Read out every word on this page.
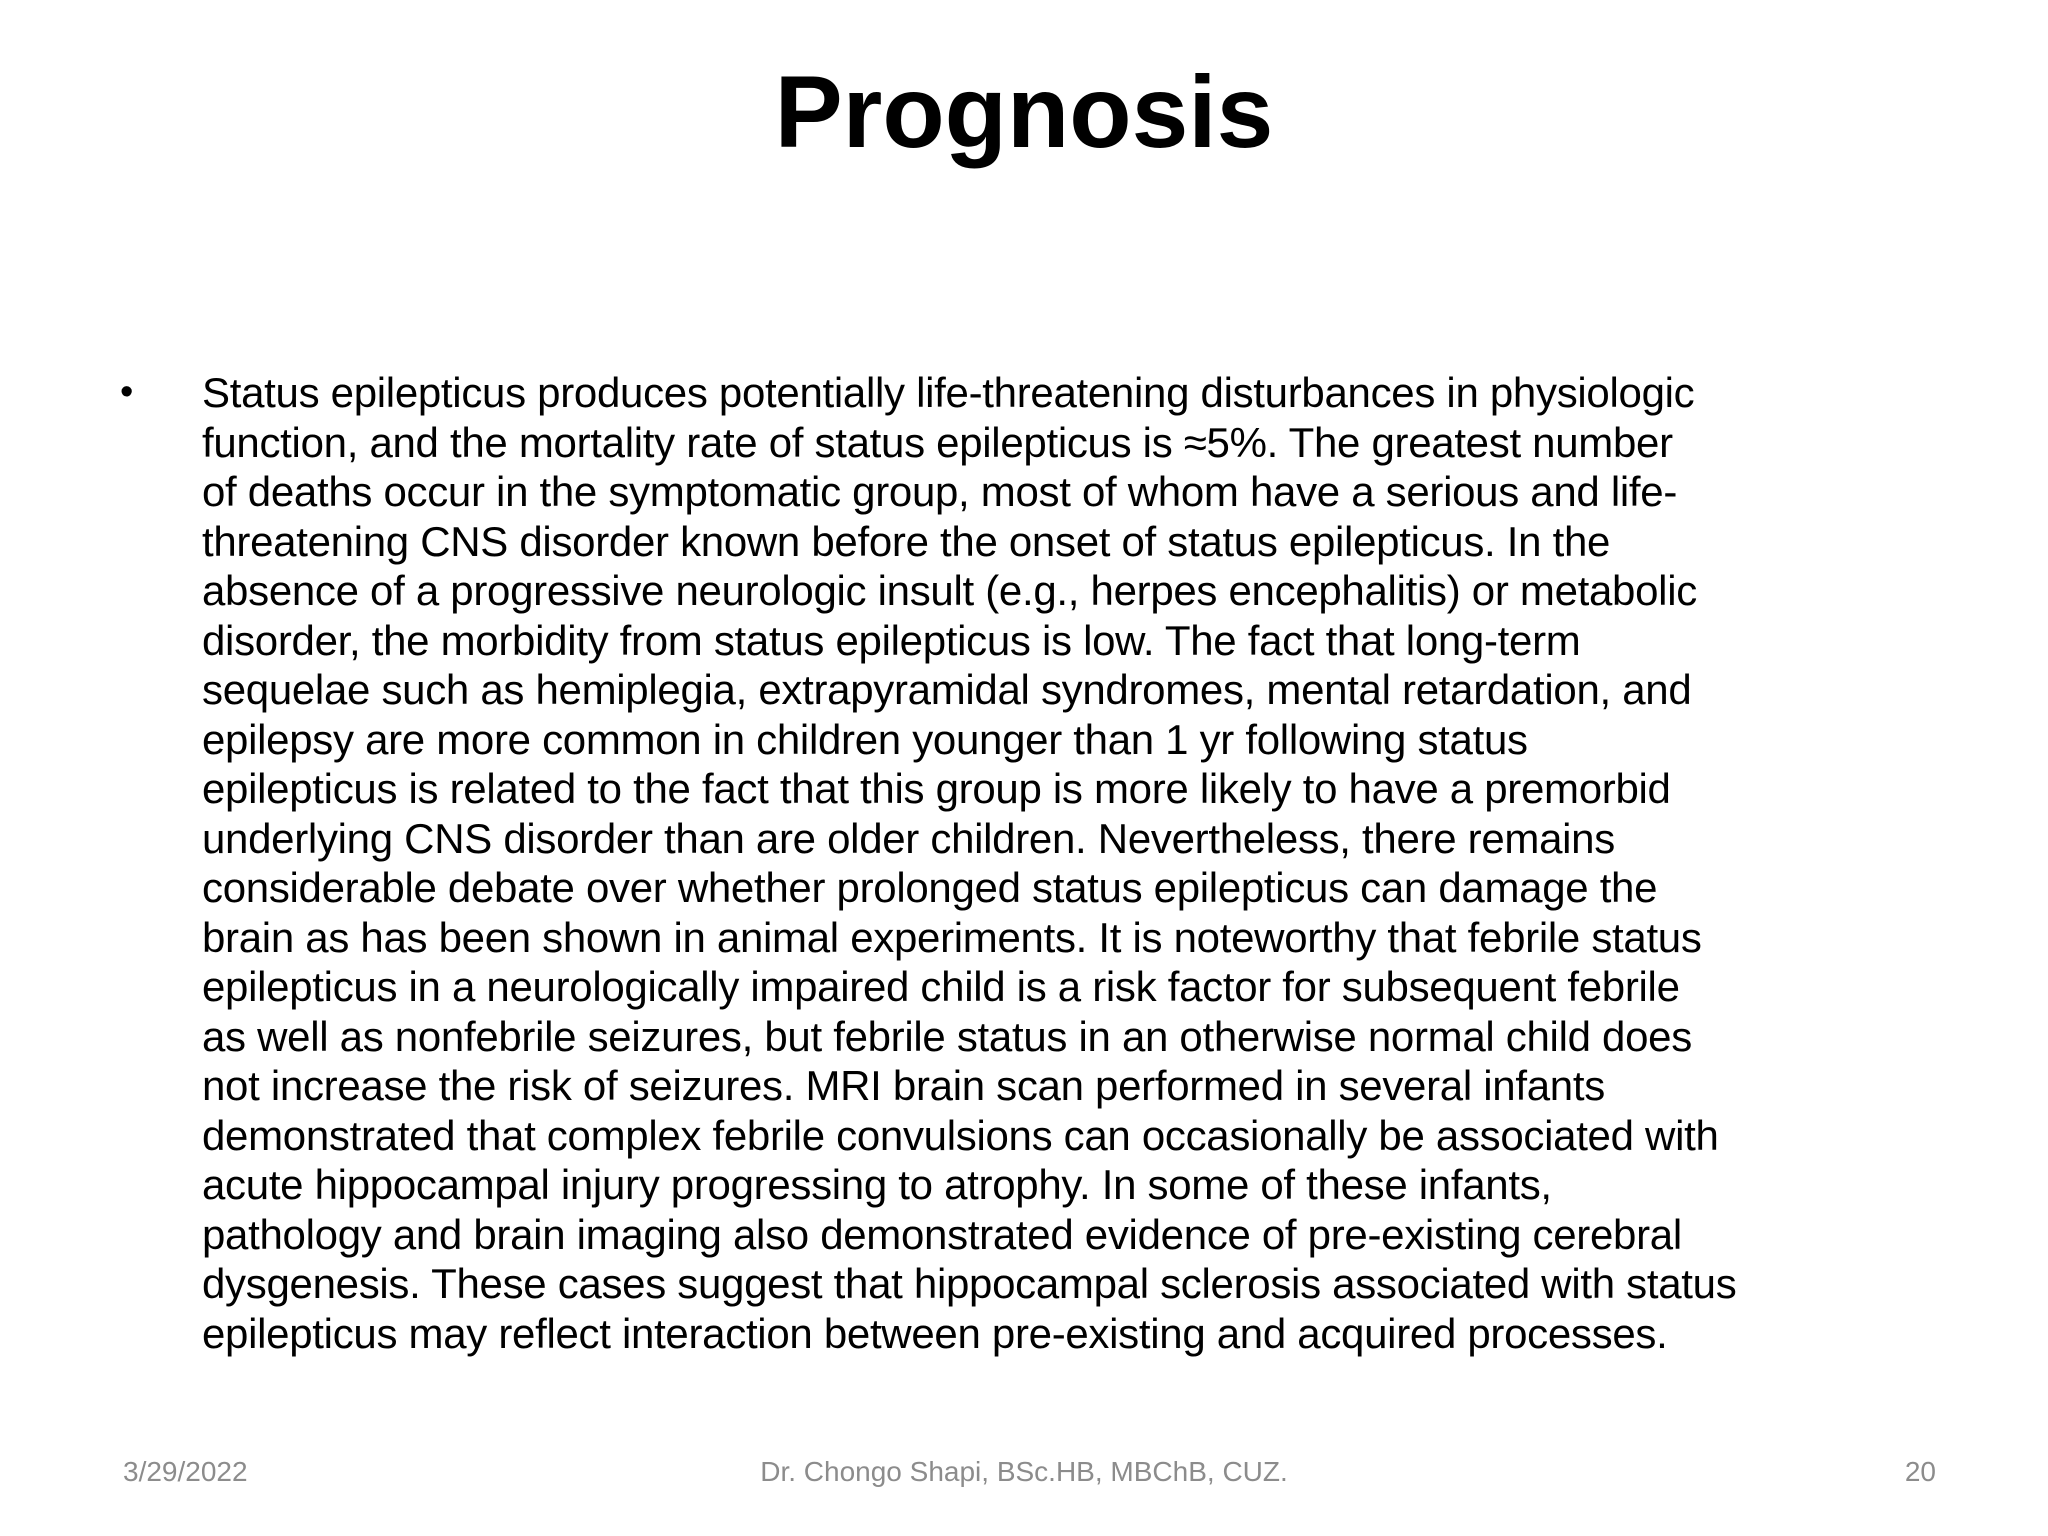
Prognosis
•	Status epilepticus produces potentially life-threatening disturbances in physiologic
function, and the mortality rate of status epilepticus is ≈5%. The greatest number
of deaths occur in the symptomatic group, most of whom have a serious and life-
threatening CNS disorder known before the onset of status epilepticus. In the
absence of a progressive neurologic insult (e.g., herpes encephalitis) or metabolic
disorder, the morbidity from status epilepticus is low. The fact that long-term
sequelae such as hemiplegia, extrapyramidal syndromes, mental retardation, and
epilepsy are more common in children younger than 1 yr following status
epilepticus is related to the fact that this group is more likely to have a premorbid
underlying CNS disorder than are older children. Nevertheless, there remains
considerable debate over whether prolonged status epilepticus can damage the
brain as has been shown in animal experiments. It is noteworthy that febrile status
epilepticus in a neurologically impaired child is a risk factor for subsequent febrile
as well as nonfebrile seizures, but febrile status in an otherwise normal child does
not increase the risk of seizures. MRI brain scan performed in several infants
demonstrated that complex febrile convulsions can occasionally be associated with
acute hippocampal injury progressing to atrophy. In some of these infants,
pathology and brain imaging also demonstrated evidence of pre-existing cerebral
dysgenesis. These cases suggest that hippocampal sclerosis associated with status
epilepticus may reflect interaction between pre-existing and acquired processes.
3/29/2022	Dr. Chongo Shapi, BSc.HB, MBChB, CUZ.	20
